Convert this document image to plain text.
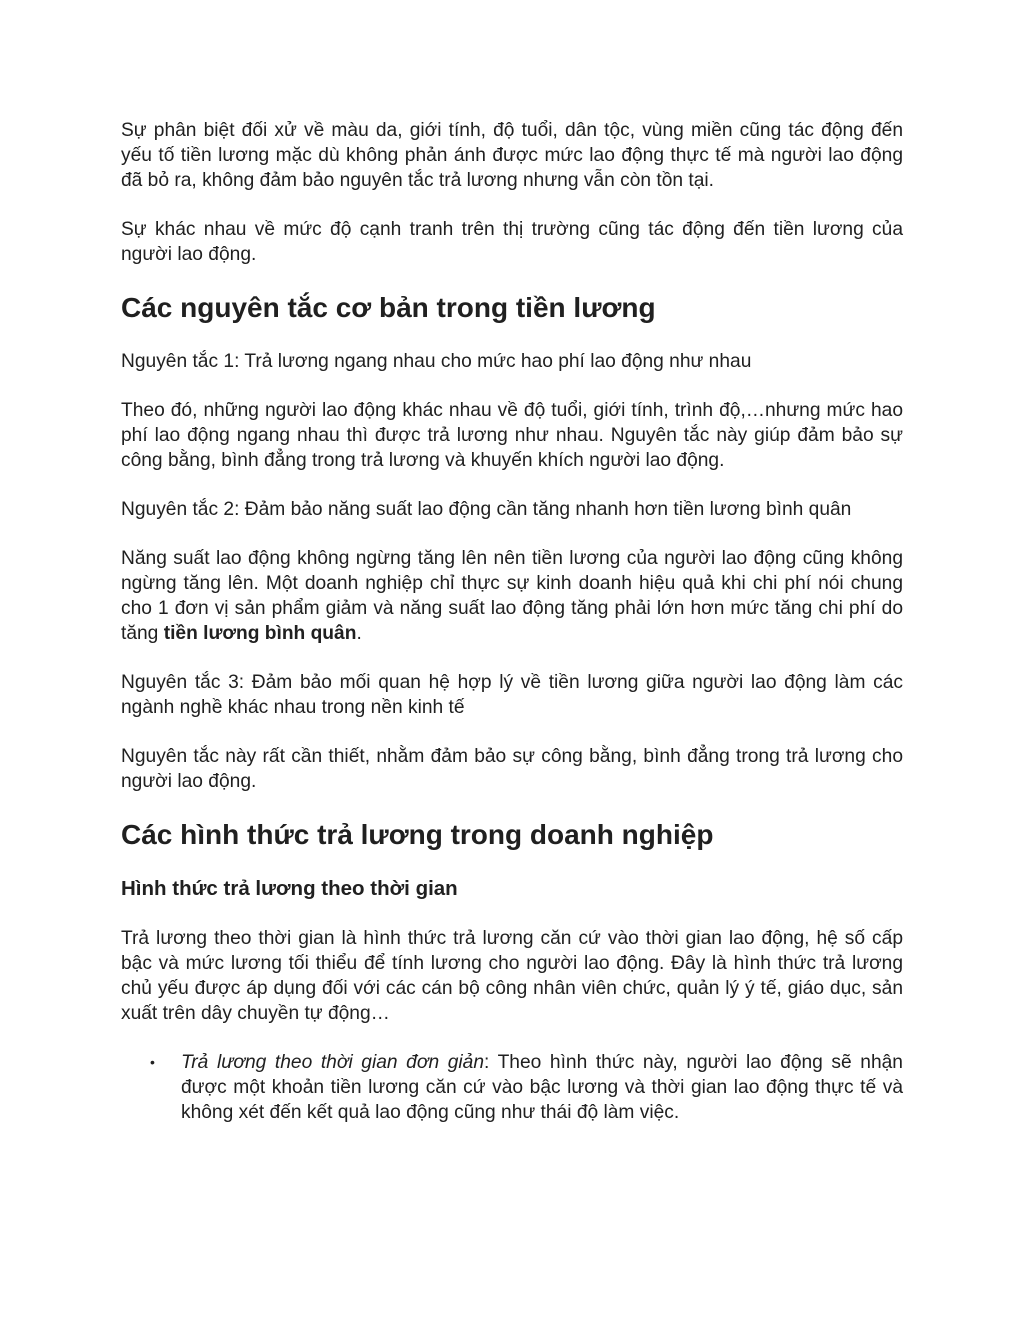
Sự phân biệt đối xử về màu da, giới tính, độ tuổi, dân tộc, vùng miền cũng tác động đến yếu tố tiền lương mặc dù không phản ánh được mức lao động thực tế mà người lao động đã bỏ ra, không đảm bảo nguyên tắc trả lương nhưng vẫn còn tồn tại.

Sự khác nhau về mức độ cạnh tranh trên thị trường cũng tác động đến tiền lương của người lao động.

Các nguyên tắc cơ bản trong tiền lương

Nguyên tắc 1: Trả lương ngang nhau cho mức hao phí lao động như nhau

Theo đó, những người lao động khác nhau về độ tuổi, giới tính, trình độ,…nhưng mức hao phí lao động ngang nhau thì được trả lương như nhau. Nguyên tắc này giúp đảm bảo sự công bằng, bình đẳng trong trả lương và khuyến khích người lao động.

Nguyên tắc 2: Đảm bảo năng suất lao động cần tăng nhanh hơn tiền lương bình quân

Năng suất lao động không ngừng tăng lên nên tiền lương của người lao động cũng không ngừng tăng lên. Một doanh nghiệp chỉ thực sự kinh doanh hiệu quả khi chi phí nói chung cho 1 đơn vị sản phẩm giảm và năng suất lao động tăng phải lớn hơn mức tăng chi phí do tăng tiền lương bình quân.

Nguyên tắc 3: Đảm bảo mối quan hệ hợp lý về tiền lương giữa người lao động làm các ngành nghề khác nhau trong nền kinh tế

Nguyên tắc này rất cần thiết, nhằm đảm bảo sự công bằng, bình đẳng trong trả lương cho người lao động.

Các hình thức trả lương trong doanh nghiệp
Hình thức trả lương theo thời gian

Trả lương theo thời gian là hình thức trả lương căn cứ vào thời gian lao động, hệ số cấp bậc và mức lương tối thiểu để tính lương cho người lao động. Đây là hình thức trả lương chủ yếu được áp dụng đối với các cán bộ công nhân viên chức, quản lý ý tế, giáo dục, sản xuất trên dây chuyền tự động…

• Trả lương theo thời gian đơn giản: Theo hình thức này, người lao động sẽ nhận được một khoản tiền lương căn cứ vào bậc lương và thời gian lao động thực tế và không xét đến kết quả lao động cũng như thái độ làm việc.
